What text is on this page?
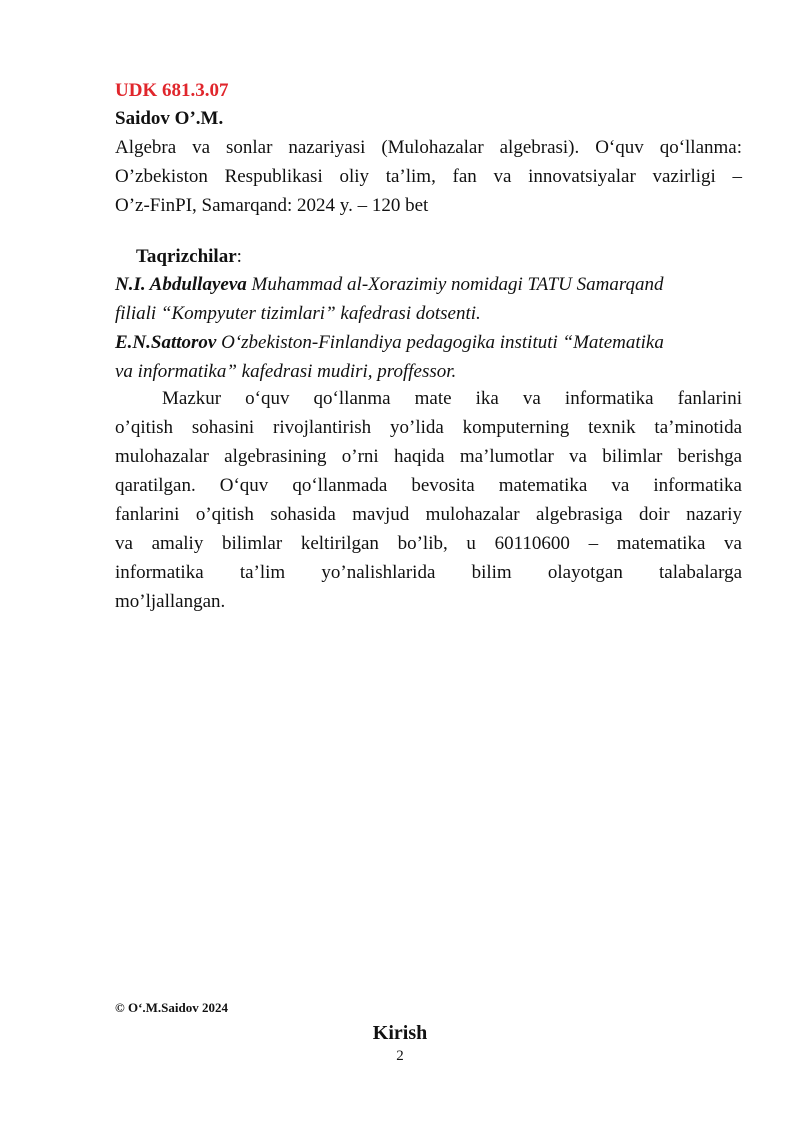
UDK 681.3.07
Saidov O’.M.
Algebra va sonlar nazariyasi (Mulohazalar algebrasi). O‘quv qo‘llanma:
O’zbekiston Respublikasi oliy ta’lim, fan va innovatsiyalar vazirligi –
O’z-FinPI, Samarqand: 2024 y. – 120 bet
Taqrizchilar:
N.I. Abdullayeva Muhammad al-Xorazimiy nomidagi TATU Samarqand
filiali “Kompyuter tizimlari” kafedrasi dotsenti.
E.N.Sattorov O‘zbekiston-Finlandiya pedagogika instituti “Matematika
va informatika” kafedrasi mudiri, proffessor.
Mazkur o‘quv qo‘llanma mate ika va informatika fanlarini
o’qitish sohasini rivojlantirish yo’lida komputerning texnik ta’minotida
mulohazalar algebrasining o’rni haqida ma’lumotlar va bilimlar berishga
qaratilgan. O‘quv qo‘llanmada bevosita matematika va informatika
fanlarini o’qitish sohasida mavjud mulohazalar algebrasiga doir nazariy
va amaliy bilimlar keltirilgan bo’lib, u 60110600 – matematika va
informatika ta’lim yo’nalishlarida bilim olayotgan talabalarga
mo’ljallangan.
© O‘.M.Saidov 2024
Kirish
2
